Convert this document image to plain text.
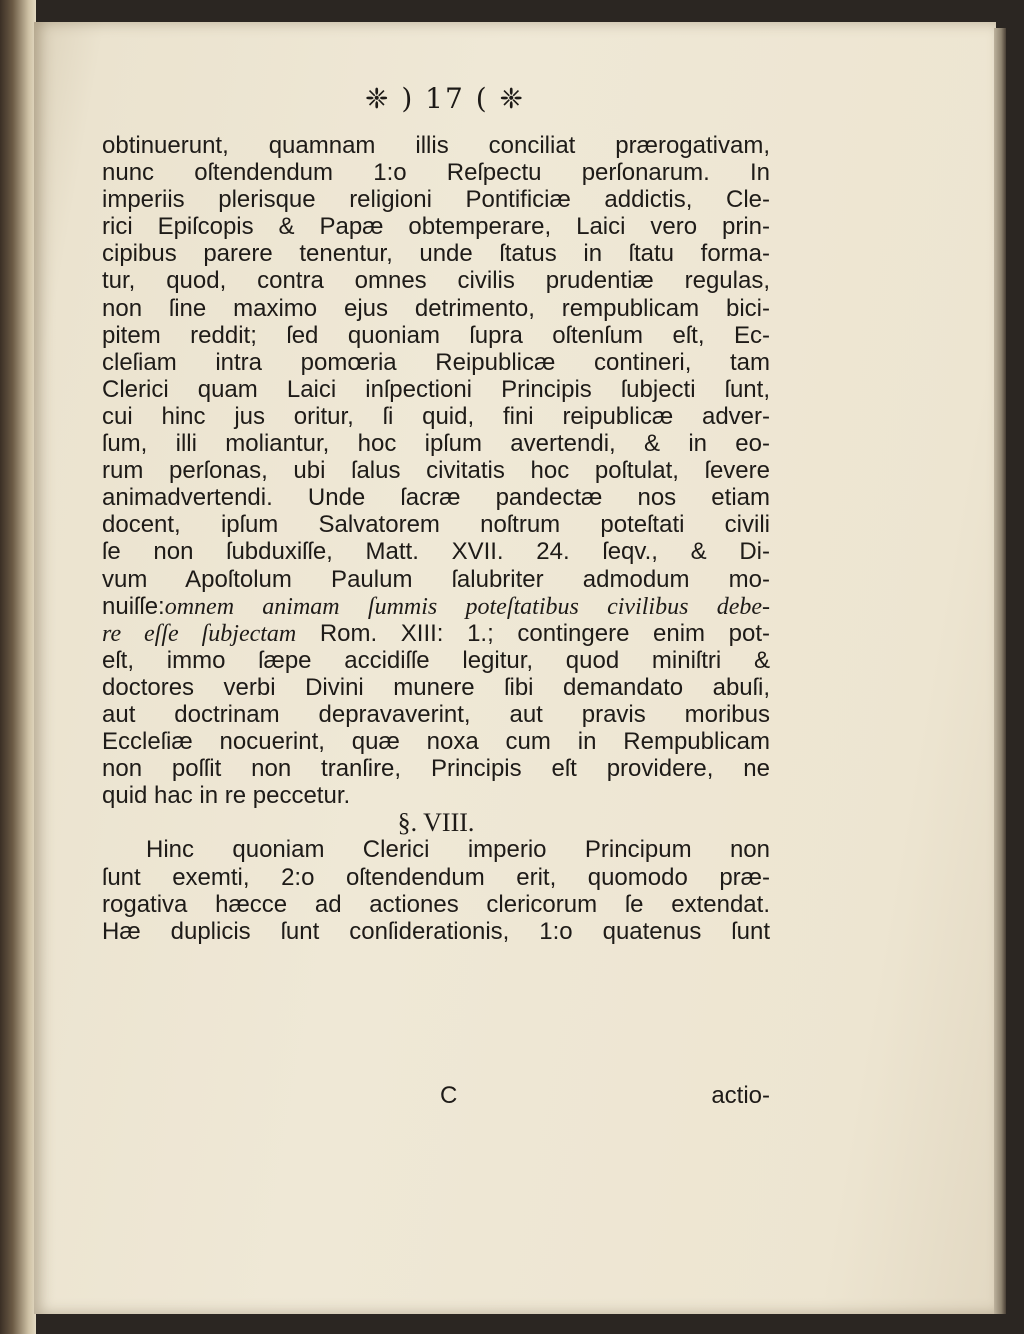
❈ ) 17 ( ❈
obtinuerunt, quamnam illis conciliat prærogativam,
nunc oſtendendum 1:o Reſpectu perſonarum. In
imperiis plerisque religioni Pontificiæ addictis, Cle-
rici Epiſcopis & Papæ obtemperare, Laici vero prin-
cipibus parere tenentur, unde ſtatus in ſtatu forma-
tur, quod, contra omnes civilis prudentiæ regulas,
non ſine maximo ejus detrimento, rempublicam bici-
pitem reddit; ſed quoniam ſupra oſtenſum eſt, Ec-
cleſiam intra pomœria Reipublicæ contineri, tam
Clerici quam Laici inſpectioni Principis ſubjecti ſunt,
cui hinc jus oritur, ſi quid, fini reipublicæ adver-
ſum, illi moliantur, hoc ipſum avertendi, & in eo-
rum perſonas, ubi ſalus civitatis hoc poſtulat, ſevere
animadvertendi. Unde ſacræ pandectæ nos etiam
docent, ipſum Salvatorem noſtrum poteſtati civili
ſe non ſubduxiſſe, Matt. XVII. 24. ſeqv., & Di-
vum Apoſtolum Paulum ſalubriter admodum mo-
nuiſſe:omnem animam ſummis poteſtatibus civilibus debe-
re eſſe ſubjectam Rom. XIII: 1.; contingere enim pot-
eſt, immo ſæpe accidiſſe legitur, quod miniſtri &
doctores verbi Divini munere ſibi demandato abuſi,
aut doctrinam depravaverint, aut pravis moribus
Eccleſiæ nocuerint, quæ noxa cum in Rempublicam
non poſſit non tranſire, Principis eſt providere, ne
quid hac in re peccetur.
§. VIII.
Hinc quoniam Clerici imperio Principum non
ſunt exemti, 2:o oſtendendum erit, quomodo præ-
rogativa hæcce ad actiones clericorum ſe extendat.
Hæ duplicis ſunt conſiderationis, 1:o quatenus ſunt
C	actio-
